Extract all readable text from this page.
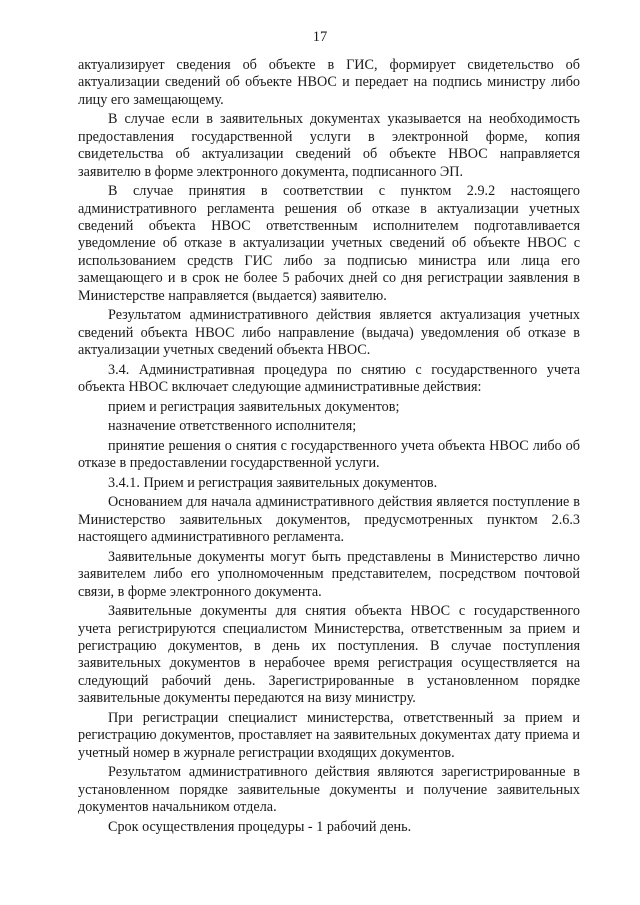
17

актуализирует сведения об объекте в ГИС, формирует свидетельство об актуализации сведений об объекте НВОС и передает на подпись министру либо лицу его замещающему.

В случае если в заявительных документах указывается на необходимость предоставления государственной услуги в электронной форме, копия свидетельства об актуализации сведений об объекте НВОС направляется заявителю в форме электронного документа, подписанного ЭП.

В случае принятия в соответствии с пунктом 2.9.2 настоящего административного регламента решения об отказе в актуализации учетных сведений объекта НВОС ответственным исполнителем подготавливается уведомление об отказе в актуализации учетных сведений об объекте НВОС с использованием средств ГИС либо за подписью министра или лица его замещающего и в срок не более 5 рабочих дней со дня регистрации заявления в Министерстве направляется (выдается) заявителю.

Результатом административного действия является актуализация учетных сведений объекта НВОС либо направление (выдача) уведомления об отказе в актуализации учетных сведений объекта НВОС.

3.4. Административная процедура по снятию с государственного учета объекта НВОС включает следующие административные действия:

прием и регистрация заявительных документов;

назначение ответственного исполнителя;

принятие решения о снятия с государственного учета объекта НВОС либо об отказе в предоставлении государственной услуги.

3.4.1. Прием и регистрация заявительных документов.

Основанием для начала административного действия является поступление в Министерство заявительных документов, предусмотренных пунктом 2.6.3 настоящего административного регламента.

Заявительные документы могут быть представлены в Министерство лично заявителем либо его уполномоченным представителем, посредством почтовой связи, в форме электронного документа.

Заявительные документы для снятия объекта НВОС с государственного учета регистрируются специалистом Министерства, ответственным за прием и регистрацию документов, в день их поступления. В случае поступления заявительных документов в нерабочее время регистрация осуществляется на следующий рабочий день. Зарегистрированные в установленном порядке заявительные документы передаются на визу министру.

При регистрации специалист министерства, ответственный за прием и регистрацию документов, проставляет на заявительных документах дату приема и учетный номер в журнале регистрации входящих документов.

Результатом административного действия являются зарегистрированные в установленном порядке заявительные документы и получение заявительных документов начальником отдела.

Срок осуществления процедуры - 1 рабочий день.
